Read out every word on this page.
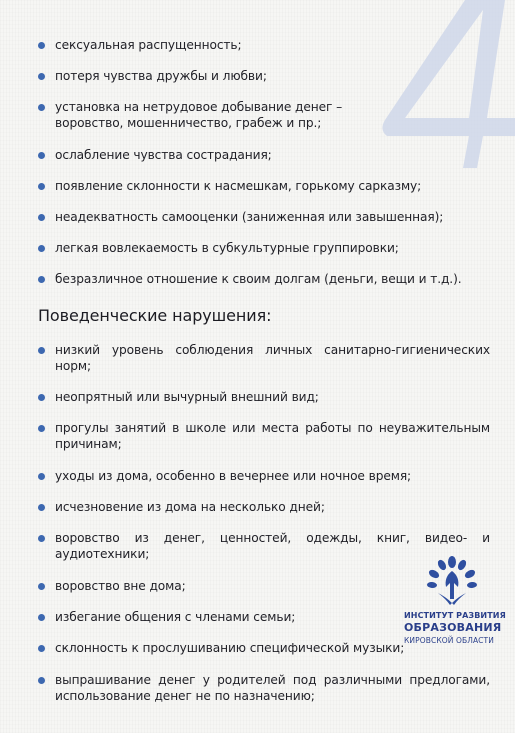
сексуальная распущенность;
потеря чувства дружбы и любви;
установка на нетрудовое добывание денег – воровство, мошенничество, грабеж и пр.;
ослабление чувства сострадания;
появление склонности к насмешкам, горькому сарказму;
неадекватность самооценки (заниженная или завышенная);
легкая вовлекаемость в субкультурные группировки;
безразличное отношение к своим долгам (деньги, вещи и т.д.).
Поведенческие нарушения:
низкий уровень соблюдения личных санитарно-гигиенических норм;
неопрятный или вычурный внешний вид;
прогулы занятий в школе или места работы по неуважительным причинам;
уходы из дома, особенно в вечернее или ночное время;
исчезновение из дома на несколько дней;
воровство из денег, ценностей, одежды, книг, видео- и аудиотехники;
воровство вне дома;
избегание общения с членами семьи;
склонность к прослушиванию специфической музыки;
выпрашивание денег у родителей под различными предлогами, использование денег не по назначению;
ИНСТИТУТ РАЗВИТИЯ
ОБРАЗОВАНИЯ
КИРОВСКОЙ ОБЛАСТИ
